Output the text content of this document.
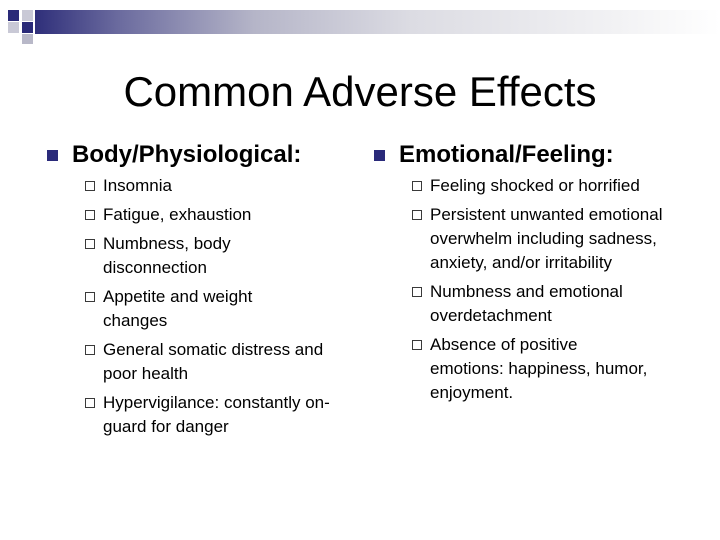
Common Adverse Effects
Body/Physiological:
Insomnia
Fatigue, exhaustion
Numbness, body disconnection
Appetite and weight changes
General somatic distress and poor health
Hypervigilance: constantly on-guard for danger
Emotional/Feeling:
Feeling shocked or horrified
Persistent unwanted emotional overwhelm including sadness, anxiety, and/or irritability
Numbness and emotional overdetachment
Absence of positive emotions: happiness, humor, enjoyment.
